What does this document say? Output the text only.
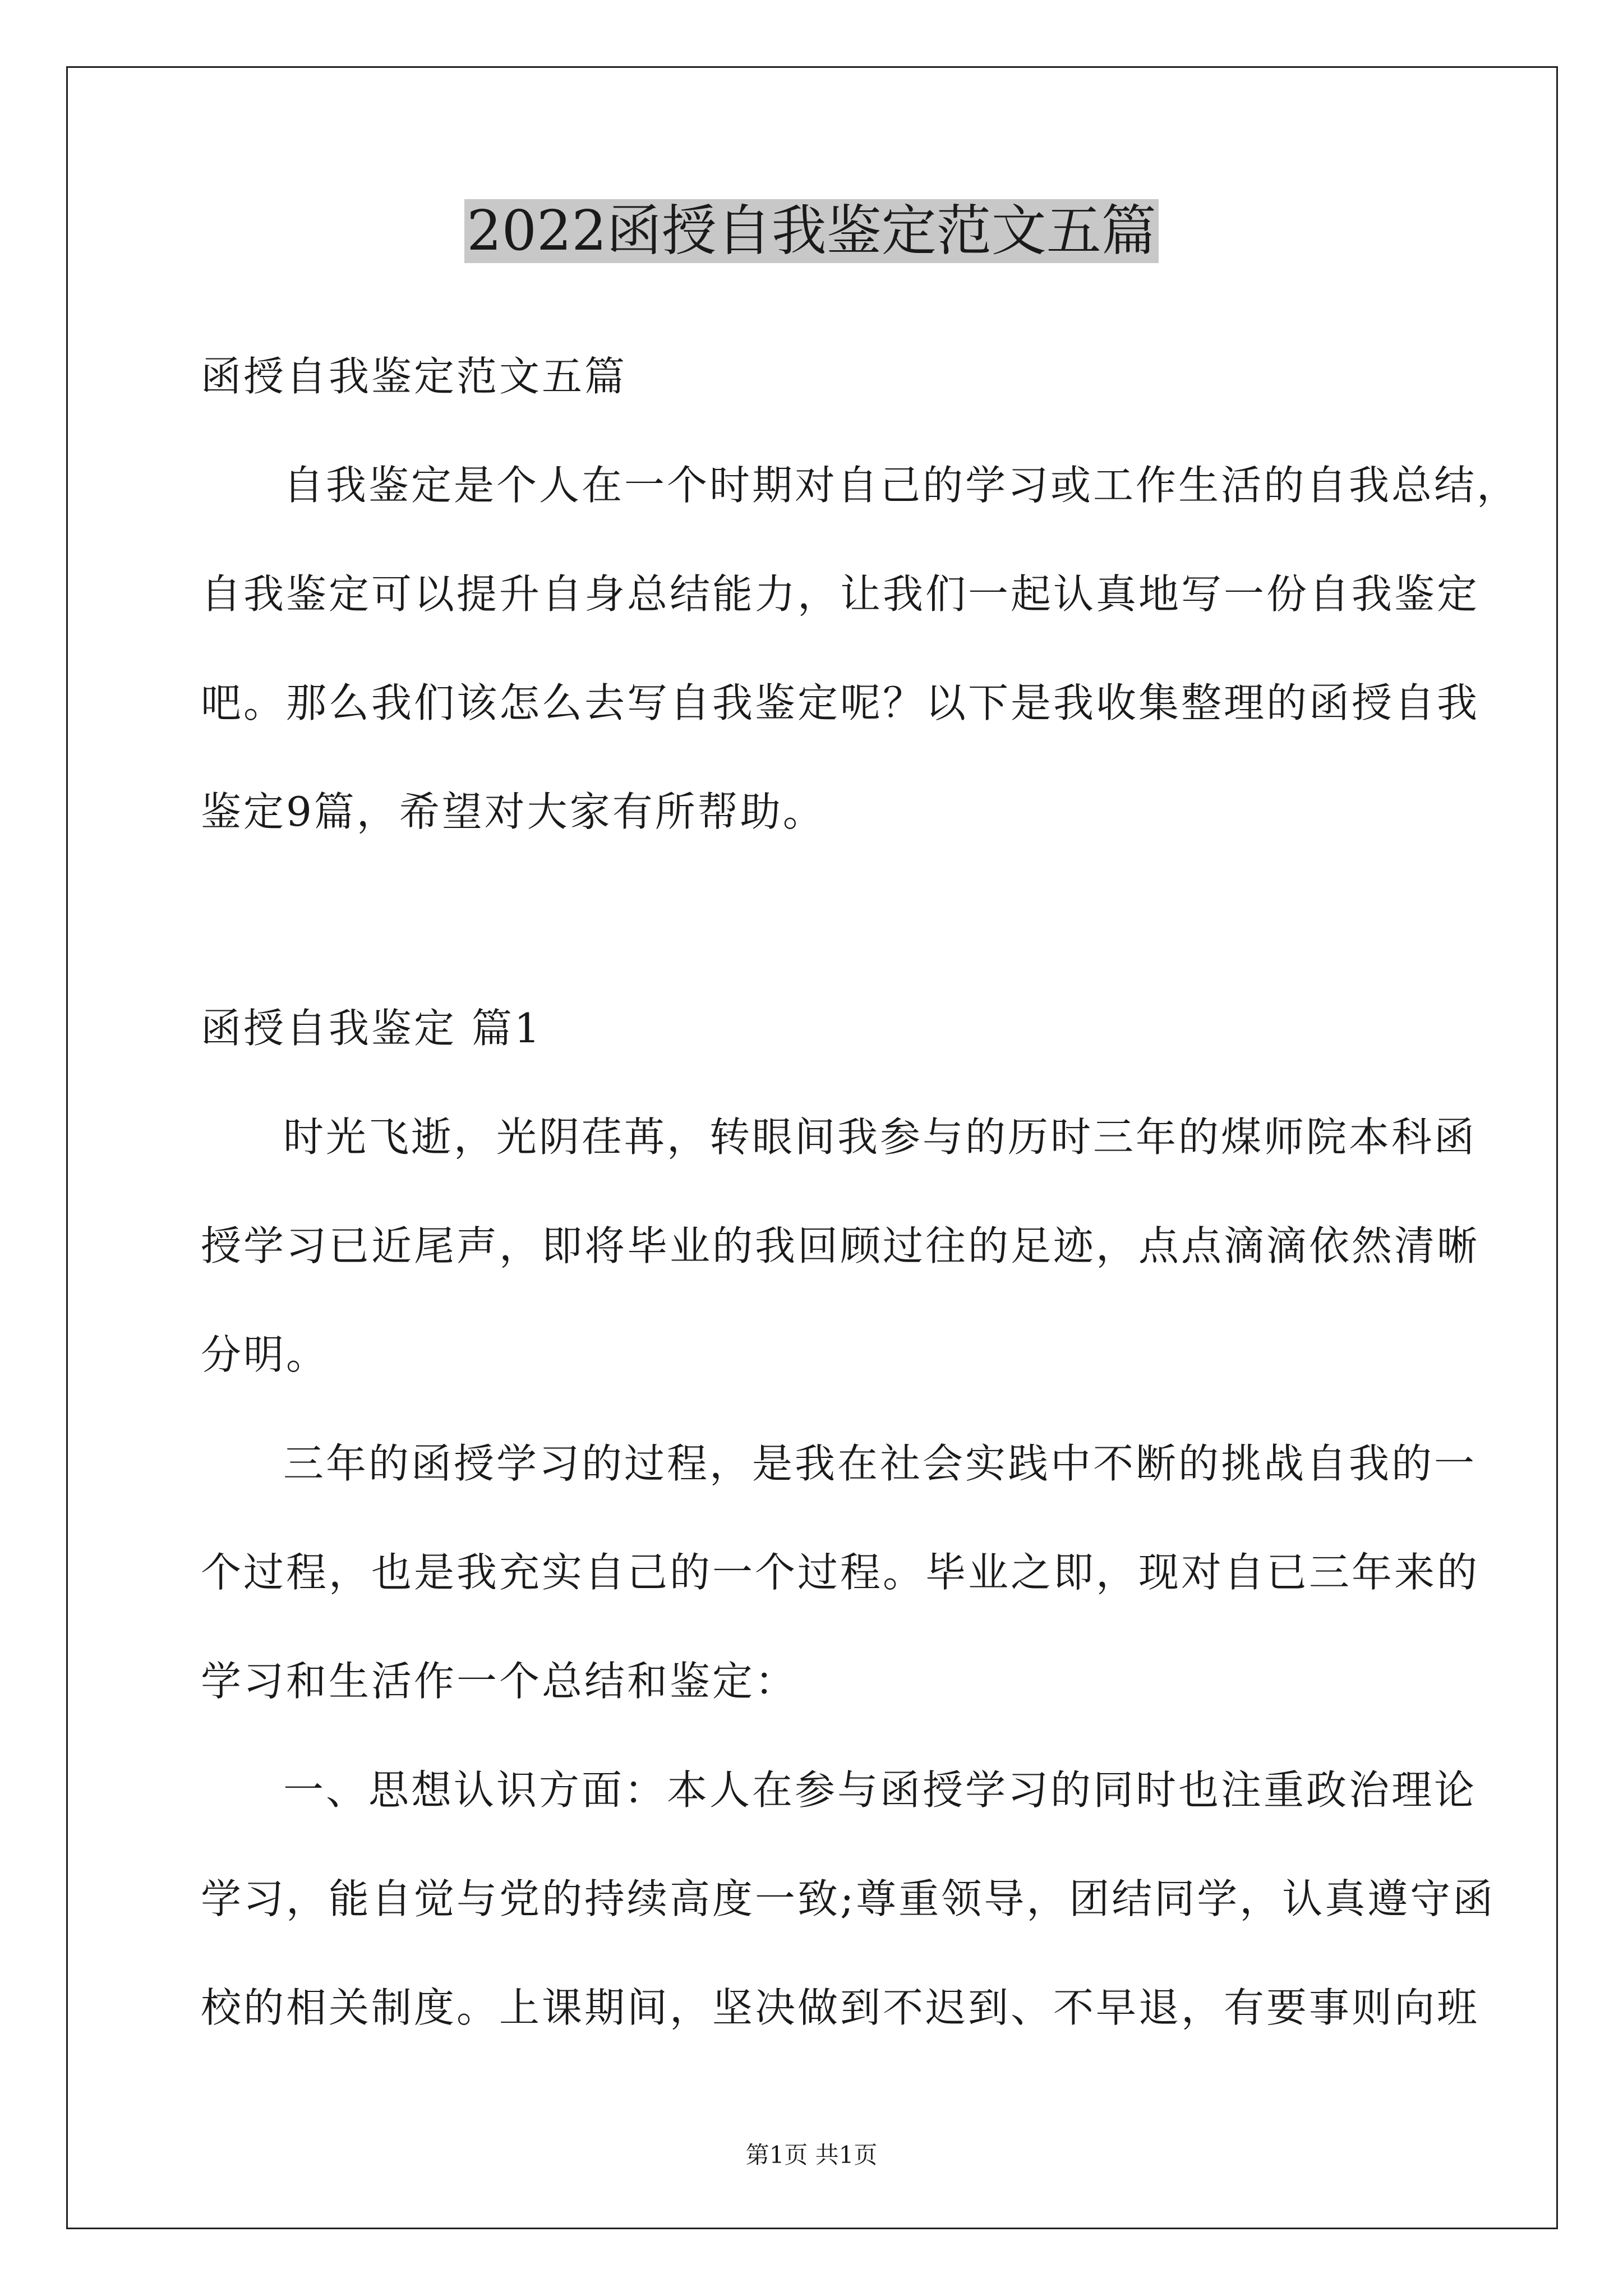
2022函授自我鉴定范文五篇
函授自我鉴定范文五篇
自我鉴定是个人在一个时期对自己的学习或工作生活的自我总结，
自我鉴定可以提升自身总结能力，让我们一起认真地写一份自我鉴定
吧。那么我们该怎么去写自我鉴定呢？以下是我收集整理的函授自我
鉴定9篇，希望对大家有所帮助。
函授自我鉴定 篇1
时光飞逝，光阴荏苒，转眼间我参与的历时三年的煤师院本科函
授学习已近尾声，即将毕业的我回顾过往的足迹，点点滴滴依然清晰
分明。
三年的函授学习的过程，是我在社会实践中不断的挑战自我的一
个过程，也是我充实自己的一个过程。毕业之即，现对自已三年来的
学习和生活作一个总结和鉴定：
一、思想认识方面：本人在参与函授学习的同时也注重政治理论
学习，能自觉与党的持续高度一致;尊重领导，团结同学，认真遵守函
校的相关制度。上课期间，坚决做到不迟到、不早退，有要事则向班
第1页 共1页
